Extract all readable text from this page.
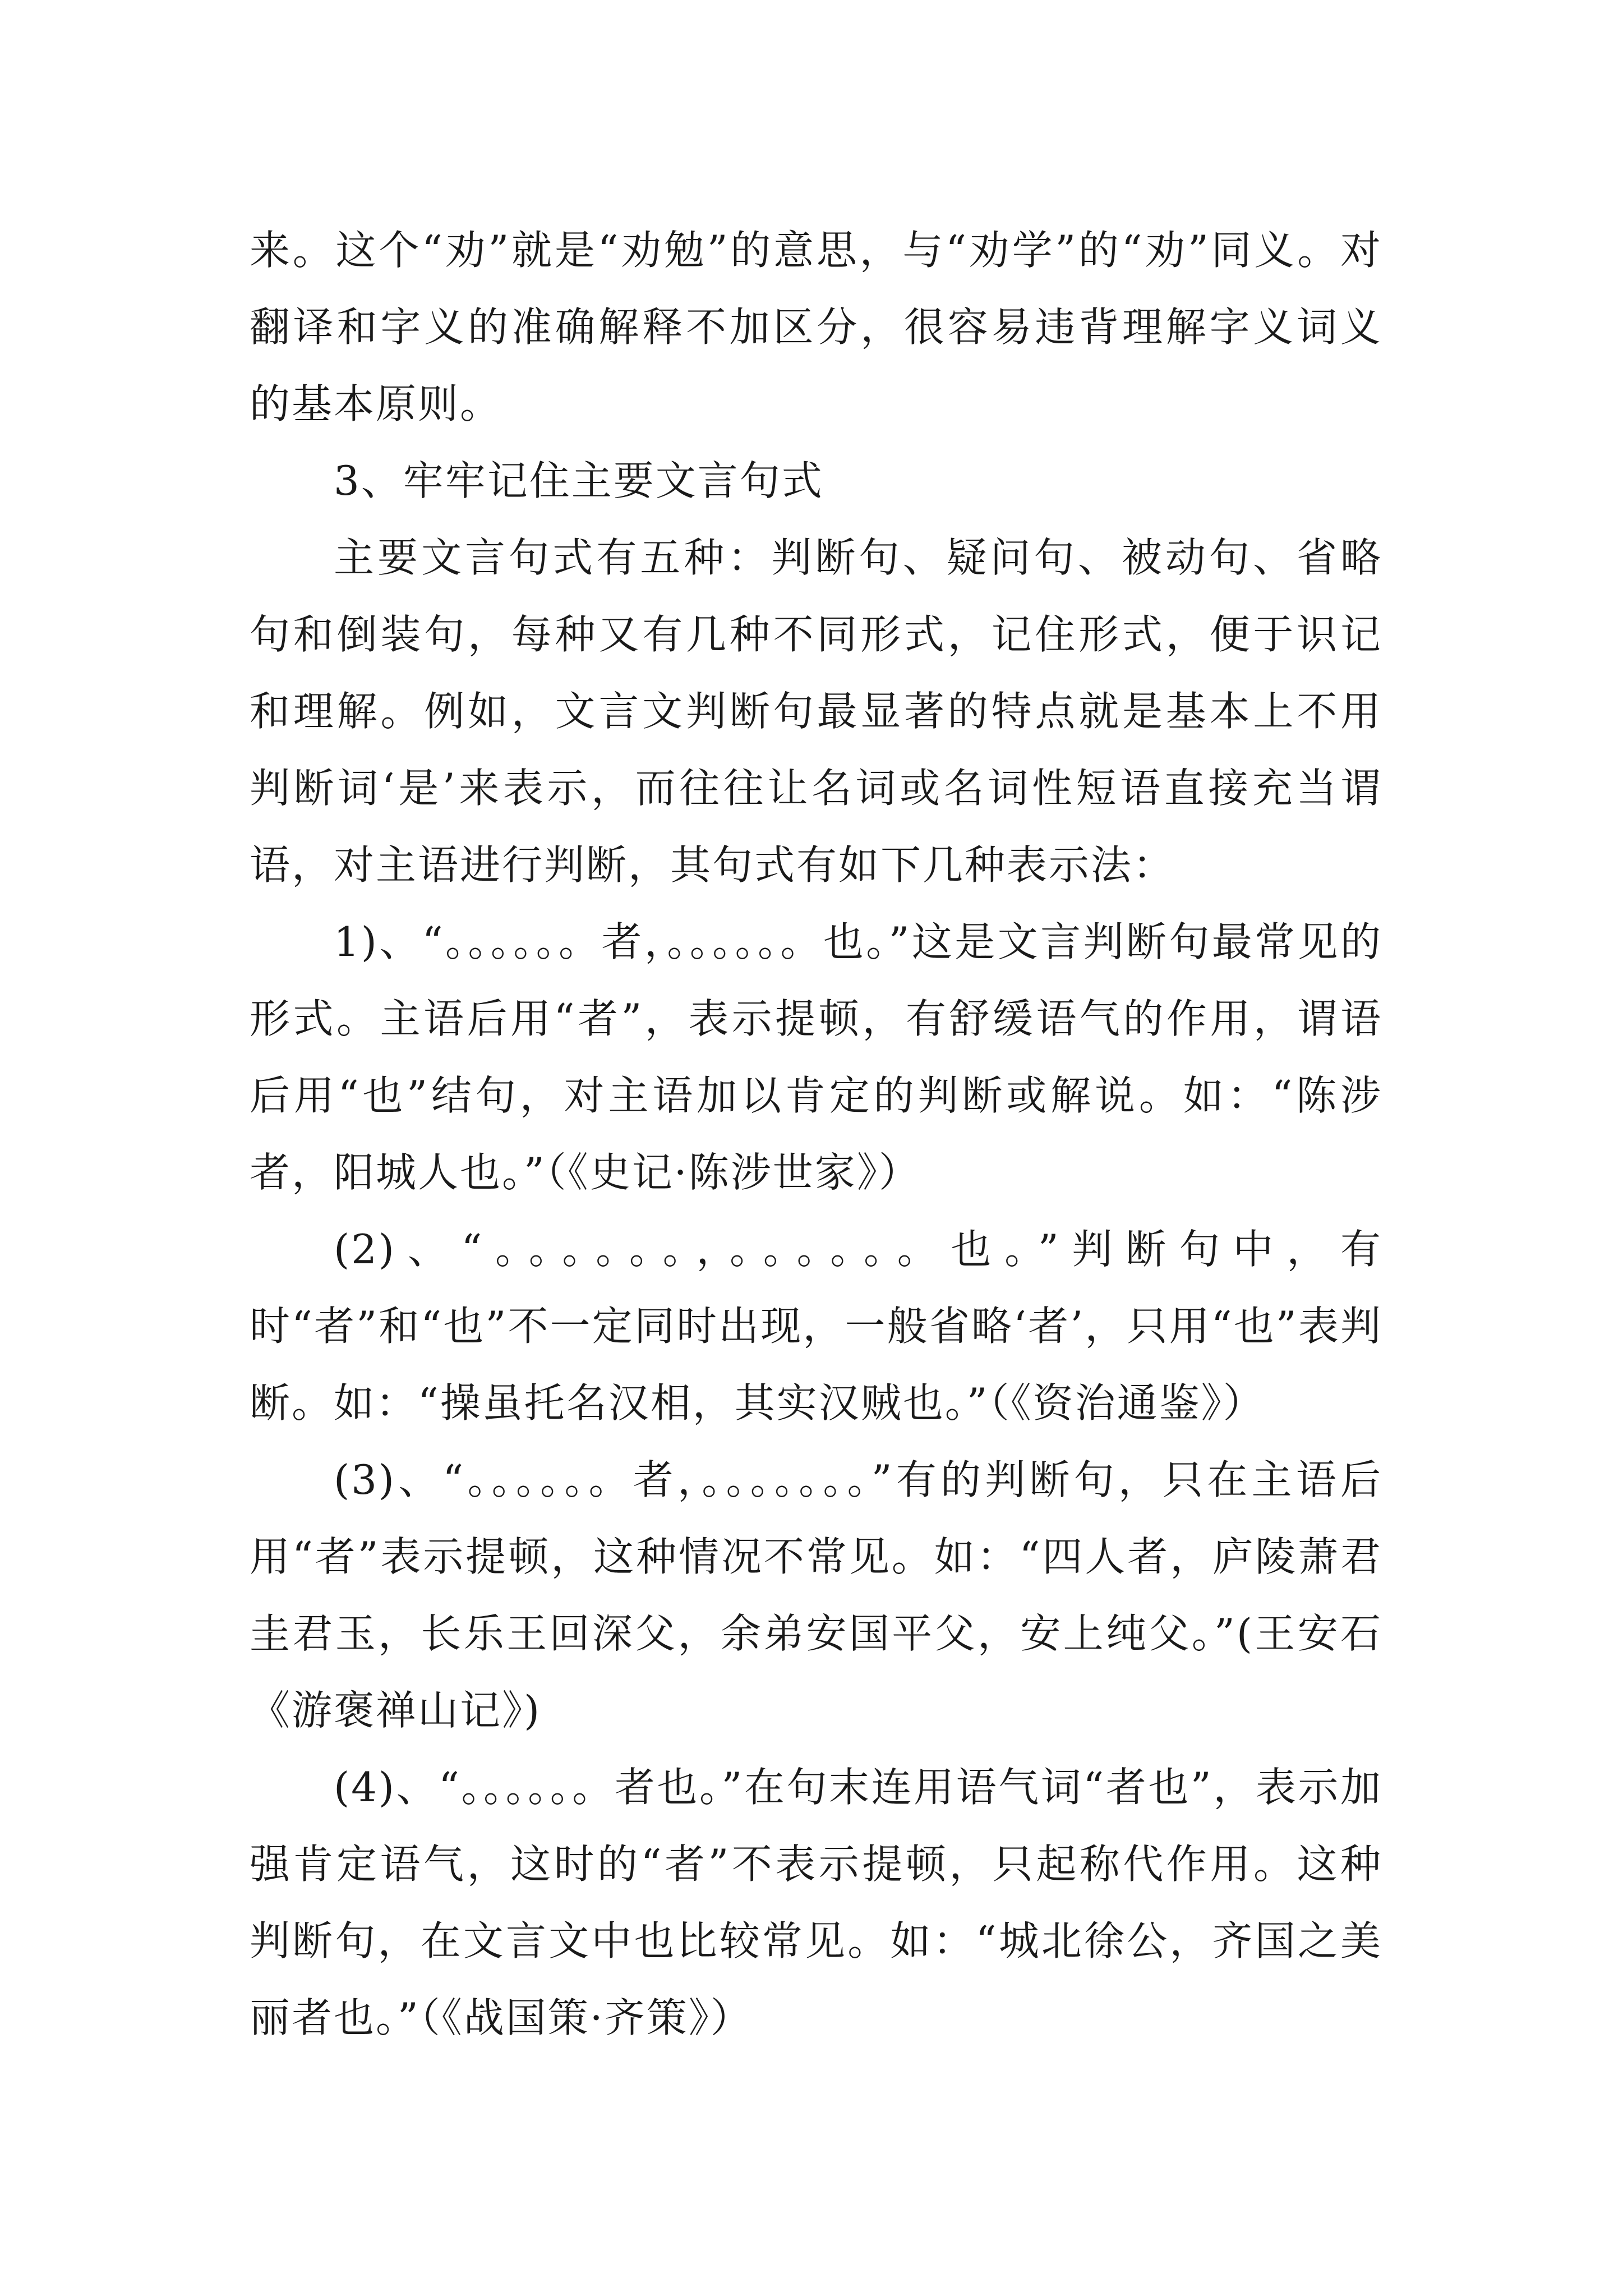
来。这个“劝”就是“劝勉”的意思，与“劝学”的“劝”同义。对翻译和字义的准确解释不加区分，很容易违背理解字义词义的基本原则。

3、牢牢记住主要文言句式

主要文言句式有五种：判断句、疑问句、被动句、省略句和倒装句，每种又有几种不同形式，记住形式，便于识记和理解。例如，文言文判断句最显著的特点就是基本上不用判断词‘是’来表示，而往往让名词或名词性短语直接充当谓语，对主语进行判断，其句式有如下几种表示法：

1)、“。。。。。。者，。。。。。。也。”这是文言判断句最常见的形式。主语后用“者”，表示提顿，有舒缓语气的作用，谓语后用“也”结句，对主语加以肯定的判断或解说。如：“陈涉者，阳城人也。”（《史记·陈涉世家》）

(2)、“。。。。。。，。。。。。。也。”判断句中，有时“者”和“也”不一定同时出现，一般省略‘者’，只用“也”表判断。如：“操虽托名汉相，其实汉贼也。”（《资治通鉴》）

(3)、“。。。。。。者，。。。。。。。”有的判断句，只在主语后用“者”表示提顿，这种情况不常见。如：“四人者，庐陵萧君圭君玉，长乐王回深父，余弟安国平父，安上纯父。”(王安石《游褒禅山记》)

(4)、“。。。。。。者也。”在句末连用语气词“者也”，表示加强肯定语气，这时的“者”不表示提顿，只起称代作用。这种判断句，在文言文中也比较常见。如：“城北徐公，齐国之美丽者也。”（《战国策·齐策》）
